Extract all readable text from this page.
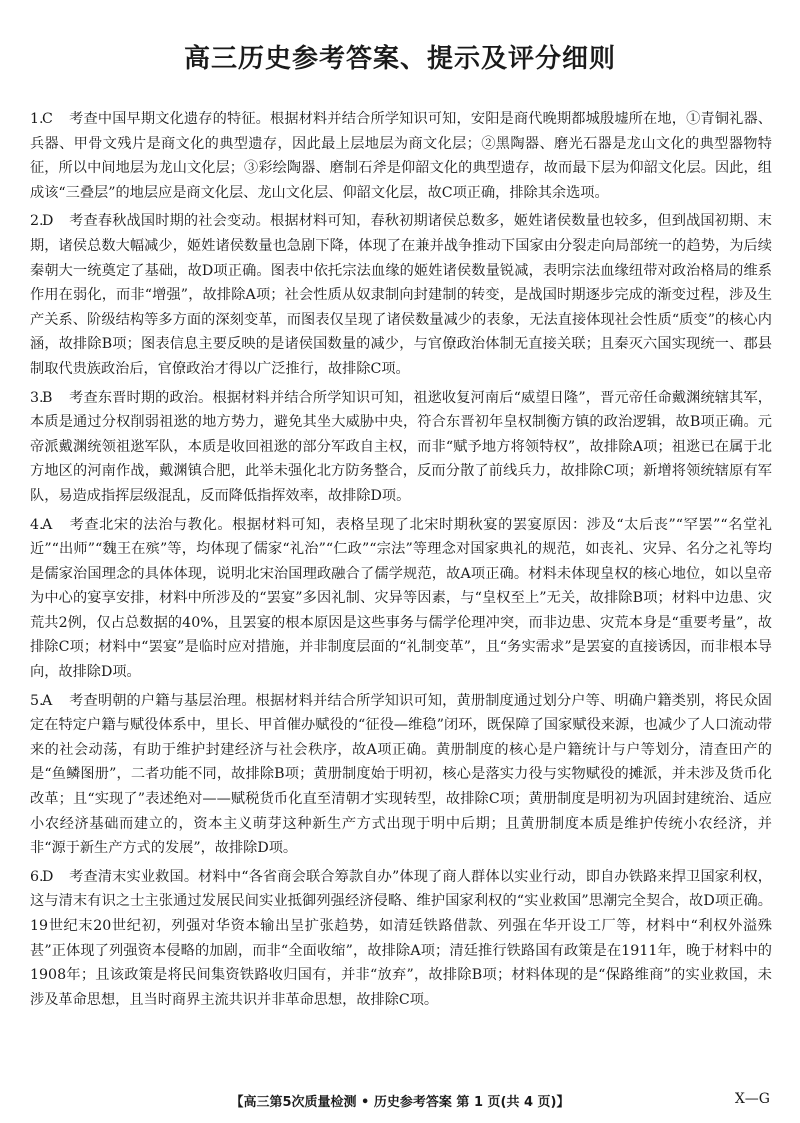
高三历史参考答案、提示及评分细则
1.C 考查中国早期文化遗存的特征。根据材料并结合所学知识可知，安阳是商代晚期都城殷墟所在地，①青铜礼器、兵器、甲骨文残片是商文化的典型遗存，因此最上层地层为商文化层；②黑陶器、磨光石器是龙山文化的典型器物特征，所以中间地层为龙山文化层；③彩绘陶器、磨制石斧是仰韶文化的典型遗存，故而最下层为仰韶文化层。因此，组成该“三叠层”的地层应是商文化层、龙山文化层、仰韶文化层，故C项正确，排除其余选项。
2.D 考查春秋战国时期的社会变动。根据材料可知，春秋初期诸侯总数多，姬姓诸侯数量也较多，但到战国初期、末期，诸侯总数大幅减少，姬姓诸侯数量也急剧下降，体现了在兼并战争推动下国家由分裂走向局部统一的趋势，为后续秦朝大一统奠定了基础，故D项正确。图表中依托宗法血缘的姬姓诸侯数量锐减，表明宗法血缘纽带对政治格局的维系作用在弱化，而非“增强”，故排除A项；社会性质从奴隶制向封建制的转变，是战国时期逐步完成的渐变过程，涉及生产关系、阶级结构等多方面的深刻变革，而图表仅呈现了诸侯数量减少的表象，无法直接体现社会性质“质变”的核心内涵，故排除B项；图表信息主要反映的是诸侯国数量的减少，与官僚政治体制无直接关联；且秦灭六国实现统一、郡县制取代贵族政治后，官僚政治才得以广泛推行，故排除C项。
3.B 考查东晋时期的政治。根据材料并结合所学知识可知，祖逖收复河南后“威望日隆”，晋元帝任命戴渊统辖其军，本质是通过分权削弱祖逖的地方势力，避免其坐大威胁中央，符合东晋初年皇权制衡方镇的政治逻辑，故B项正确。元帝派戴渊统领祖逖军队，本质是收回祖逖的部分军政自主权，而非“赋予地方将领特权”，故排除A项；祖逖已在属于北方地区的河南作战，戴渊镇合肥，此举未强化北方防务整合，反而分散了前线兵力，故排除C项；新增将领统辖原有军队，易造成指挥层级混乱，反而降低指挥效率，故排除D项。
4.A 考查北宋的法治与教化。根据材料可知，表格呈现了北宋时期秋宴的罢宴原因：涉及“太后丧”“罕罢”“名堂礼近”“出师”“魏王在殡”等，均体现了儒家“礼治”“仁政”“宗法”等理念对国家典礼的规范，如丧礼、灾异、名分之礼等均是儒家治国理念的具体体现，说明北宋治国理政融合了儒学规范，故A项正确。材料未体现皇权的核心地位，如以皇帝为中心的宴享安排，材料中所涉及的“罢宴”多因礼制、灾异等因素，与“皇权至上”无关，故排除B项；材料中边患、灾荒共2例，仅占总数据的40%，且罢宴的根本原因是这些事务与儒学伦理冲突，而非边患、灾荒本身是“重要考量”，故排除C项；材料中“罢宴”是临时应对措施，并非制度层面的“礼制变革”，且“务实需求”是罢宴的直接诱因，而非根本导向，故排除D项。
5.A 考查明朝的户籍与基层治理。根据材料并结合所学知识可知，黄册制度通过划分户等、明确户籍类别，将民众固定在特定户籍与赋役体系中，里长、甲首催办赋役的“征役—维稳”闭环，既保障了国家赋役来源，也减少了人口流动带来的社会动荡，有助于维护封建经济与社会秩序，故A项正确。黄册制度的核心是户籍统计与户等划分，清查田产的是“鱼鳞图册”，二者功能不同，故排除B项；黄册制度始于明初，核心是落实力役与实物赋役的摊派，并未涉及货币化改革；且“实现了”表述绝对——赋税货币化直至清朝才实现转型，故排除C项；黄册制度是明初为巩固封建统治、适应小农经济基础而建立的，资本主义萌芽这种新生产方式出现于明中后期；且黄册制度本质是维护传统小农经济，并非“源于新生产方式的发展”，故排除D项。
6.D 考查清末实业救国。材料中“各省商会联合筹款自办”体现了商人群体以实业行动，即自办铁路来捍卫国家利权，这与清末有识之士主张通过发展民间实业抵御列强经济侵略、维护国家利权的“实业救国”思潮完全契合，故D项正确。19世纪末20世纪初，列强对华资本输出呈扩张趋势，如清廷铁路借款、列强在华开设工厂等，材料中“利权外溢殊甚”正体现了列强资本侵略的加剧，而非“全面收缩”，故排除A项；清廷推行铁路国有政策是在1911年，晚于材料中的1908年；且该政策是将民间集资铁路收归国有，并非“放弃”，故排除B项；材料体现的是“保路维商”的实业救国，未涉及革命思想，且当时商界主流共识并非革命思想，故排除C项。
【高三第5次质量检测 • 历史参考答案 第 1 页(共 4 页)】	X—G
